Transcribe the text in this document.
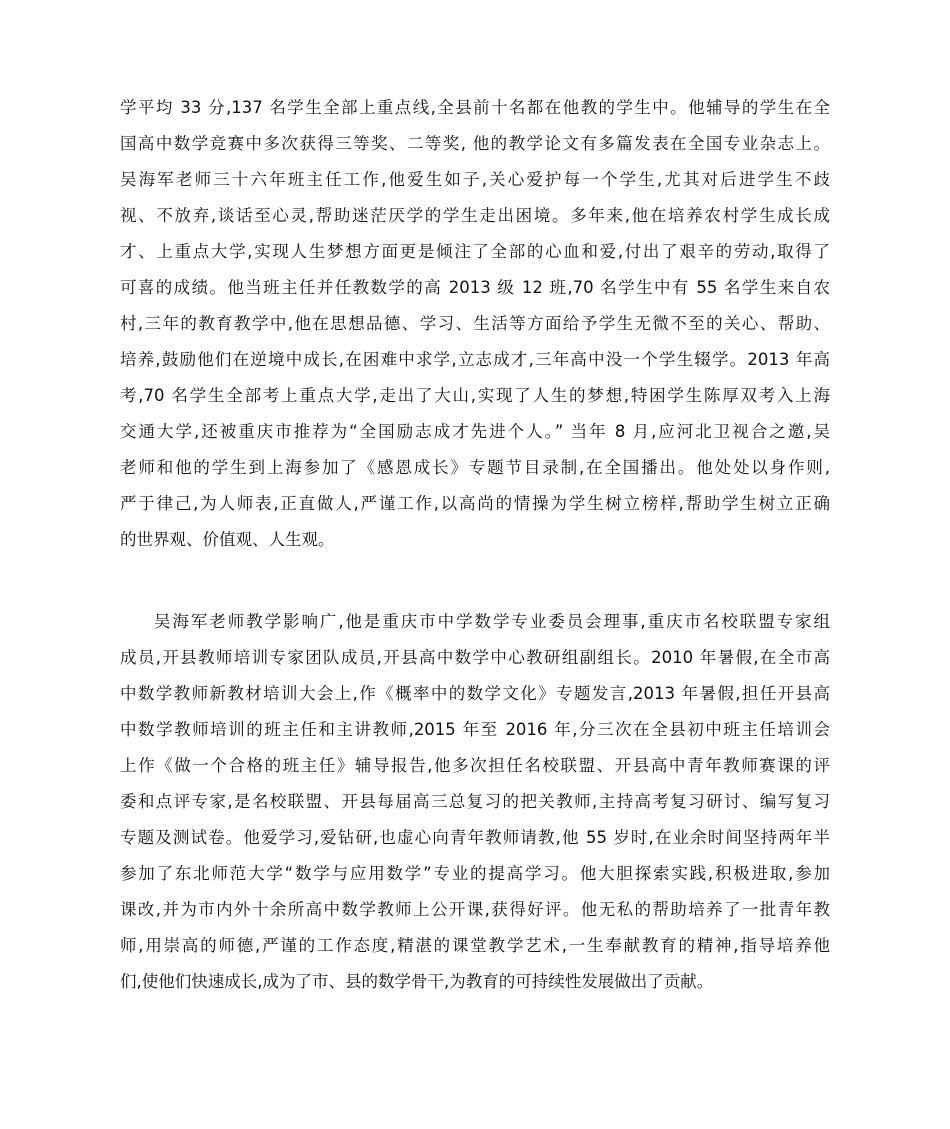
学平均 33 分,137 名学生全部上重点线,全县前十名都在他教的学生中。他辅导的学生在全
国高中数学竞赛中多次获得三等奖、二等奖, 他的教学论文有多篇发表在全国专业杂志上。
吴海军老师三十六年班主任工作,他爱生如子,关心爱护每一个学生,尤其对后进学生不歧
视、不放弃,谈话至心灵,帮助迷茫厌学的学生走出困境。多年来,他在培养农村学生成长成
才、上重点大学,实现人生梦想方面更是倾注了全部的心血和爱,付出了艰辛的劳动,取得了
可喜的成绩。他当班主任并任教数学的高 2013 级 12 班,70 名学生中有 55 名学生来自农
村,三年的教育教学中,他在思想品德、学习、生活等方面给予学生无微不至的关心、帮助、
培养,鼓励他们在逆境中成长,在困难中求学,立志成才,三年高中没一个学生辍学。2013 年高
考,70 名学生全部考上重点大学,走出了大山,实现了人生的梦想,特困学生陈厚双考入上海
交通大学,还被重庆市推荐为“全国励志成才先进个人。” 当年 8 月,应河北卫视合之邀,吴
老师和他的学生到上海参加了《感恩成长》专题节目录制,在全国播出。他处处以身作则,
严于律己,为人师表,正直做人,严谨工作,以高尚的情操为学生树立榜样,帮助学生树立正确
的世界观、价值观、人生观。
吴海军老师教学影响广,他是重庆市中学数学专业委员会理事,重庆市名校联盟专家组
成员,开县教师培训专家团队成员,开县高中数学中心教研组副组长。2010 年暑假,在全市高
中数学教师新教材培训大会上,作《概率中的数学文化》专题发言,2013 年暑假,担任开县高
中数学教师培训的班主任和主讲教师,2015 年至 2016 年,分三次在全县初中班主任培训会
上作《做一个合格的班主任》辅导报告,他多次担任名校联盟、开县高中青年教师赛课的评
委和点评专家,是名校联盟、开县每届高三总复习的把关教师,主持高考复习研讨、编写复习
专题及测试卷。他爱学习,爱钻研,也虚心向青年教师请教,他 55 岁时,在业余时间坚持两年半
参加了东北师范大学“数学与应用数学”专业的提高学习。他大胆探索实践,积极进取,参加
课改,并为市内外十余所高中数学教师上公开课,获得好评。他无私的帮助培养了一批青年教
师,用崇高的师德,严谨的工作态度,精湛的课堂教学艺术,一生奉献教育的精神,指导培养他
们,使他们快速成长,成为了市、县的数学骨干,为教育的可持续性发展做出了贡献。
